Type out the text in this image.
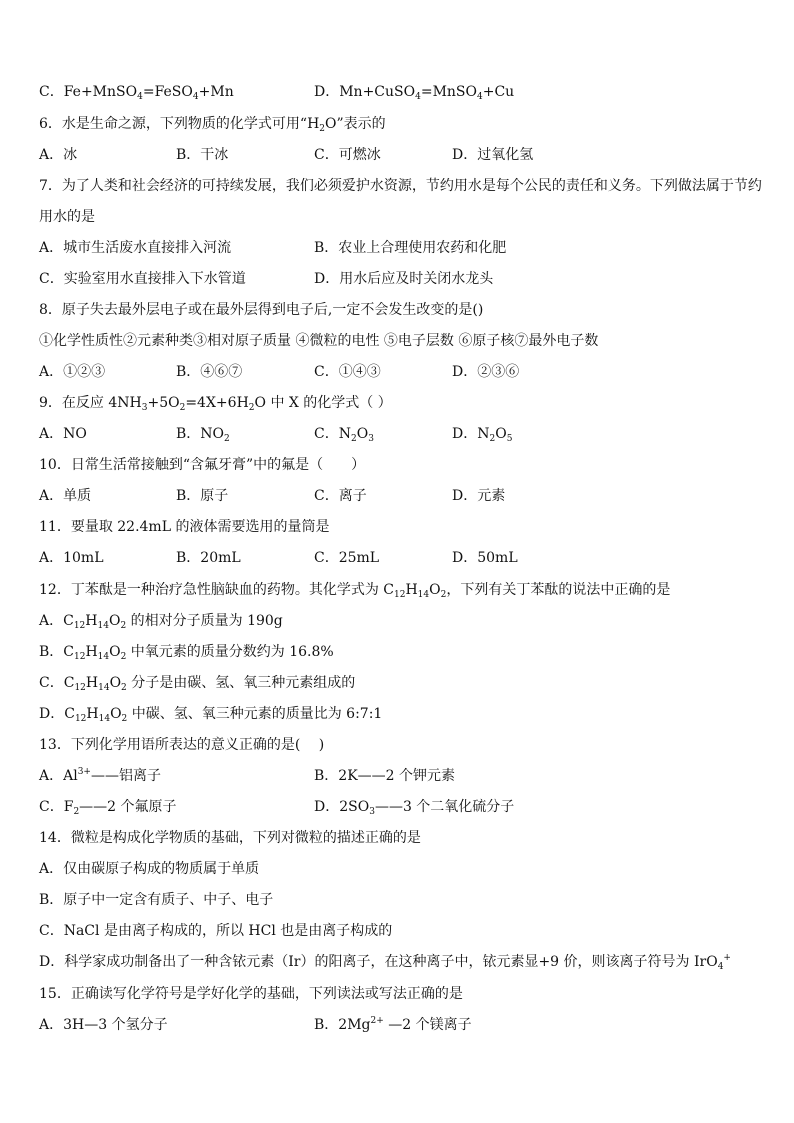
C．Fe+MnSO$_4$=FeSO$_4$+Mn	D．Mn+CuSO$_4$=MnSO$_4$+Cu
6．水是生命之源，下列物质的化学式可用“$H_2O$”表示的
A．冰	B．干冰	C．可燃冰	D．过氧化氢
7．为了人类和社会经济的可持续发展，我们必须爱护水资源，节约用水是每个公民的责任和义务。下列做法属于节约
用水的是
A．城市生活废水直接排入河流	B．农业上合理使用农药和化肥
C．实验室用水直接排入下水管道	D．用水后应及时关闭水龙头
8．原子失去最外层电子或在最外层得到电子后,一定不会发生改变的是()
①化学性质性②元素种类③相对原子质量 ④微粒的电性 ⑤电子层数 ⑥原子核⑦最外电子数
A．①②③	B．④⑥⑦	C．①④③	D．②③⑥
9．在反应 $4NH_3+5O_2=4X+6H_2O$ 中 X 的化学式（ ）
A．NO	B．$NO_2$	C．$N_2O_3$	D．$N_2O_5$
10．日常生活常接触到“含氟牙膏”中的氟是（　　）
A．单质	B．原子	C．离子	D．元素
11．要量取 22.4mL 的液体需要选用的量筒是
A．10mL	B．20mL	C．25mL	D．50mL
12．丁苯酞是一种治疗急性脑缺血的药物。其化学式为 $C_{12}H_{14}O_2$，下列有关丁苯酞的说法中正确的是
A．$C_{12}H_{14}O_2$ 的相对分子质量为 190g
B．$C_{12}H_{14}O_2$ 中氧元素的质量分数约为 16.8%
C．$C_{12}H_{14}O_2$ 分子是由碳、氢、氧三种元素组成的
D．$C_{12}H_{14}O_2$ 中碳、氢、氧三种元素的质量比为 6:7:1
13．下列化学用语所表达的意义正确的是(　 )
A．$Al^{3+}——$铝离子	B．2K——2 个钾元素
C．$F_2——2$ 个氟原子	D．$2SO_3——3$ 个二氧化硫分子
14．微粒是构成化学物质的基础，下列对微粒的描述正确的是
A．仅由碳原子构成的物质属于单质
B．原子中一定含有质子、中子、电子
C．NaCl 是由离子构成的，所以 HCl 也是由离子构成的
D．科学家成功制备出了一种含铱元素（Ir）的阳离子，在这种离子中，铱元素显+9 价，则该离子符号为 IrO$_4$+
15．正确读写化学符号是学好化学的基础，下列读法或写法正确的是
A．3H—3 个氢分子	B．$2Mg^{2+}$ —2 个镁离子
